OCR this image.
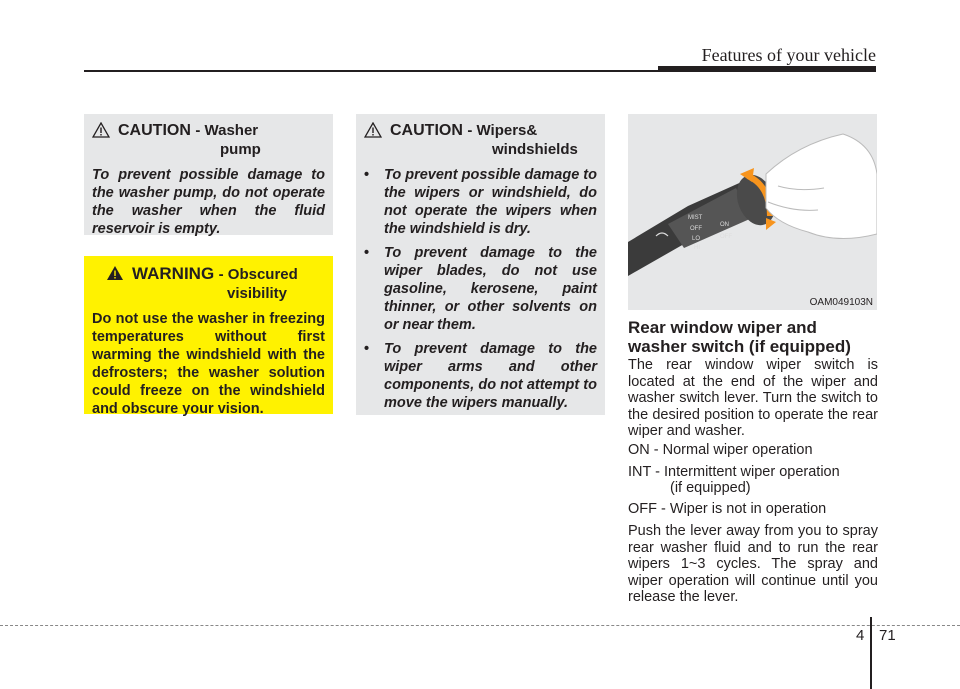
Features of your vehicle
CAUTION - Washer
pump
To prevent possible damage to the washer pump, do not operate the washer when the fluid reservoir is empty.
WARNING - Obscured
visibility
Do not use the washer in freezing temperatures without first warming the windshield with the defrosters; the washer solution could freeze on the windshield and obscure your vision.
CAUTION - Wipers&
windshields
• To prevent possible damage to the wipers or windshield, do not operate the wipers when the windshield is dry.
• To prevent damage to the wiper blades, do not use gasoline, kerosene, paint thinner, or other solvents on or near them.
• To prevent damage to the wiper arms and other components, do not attempt to move the wipers manually.
MIST
OFF
LO
HI
ON
OFF
OAM049103N
Rear window wiper and washer switch (if equipped)
The rear window wiper switch is located at the end of the wiper and washer switch lever. Turn the switch to the desired position to operate the rear wiper and washer.
ON - Normal wiper operation
INT - Intermittent wiper operation
(if equipped)
OFF - Wiper is not in operation
Push the lever away from you to spray rear washer fluid and to run the rear wipers 1~3 cycles. The spray and wiper operation will continue until you release the lever.
4 71
